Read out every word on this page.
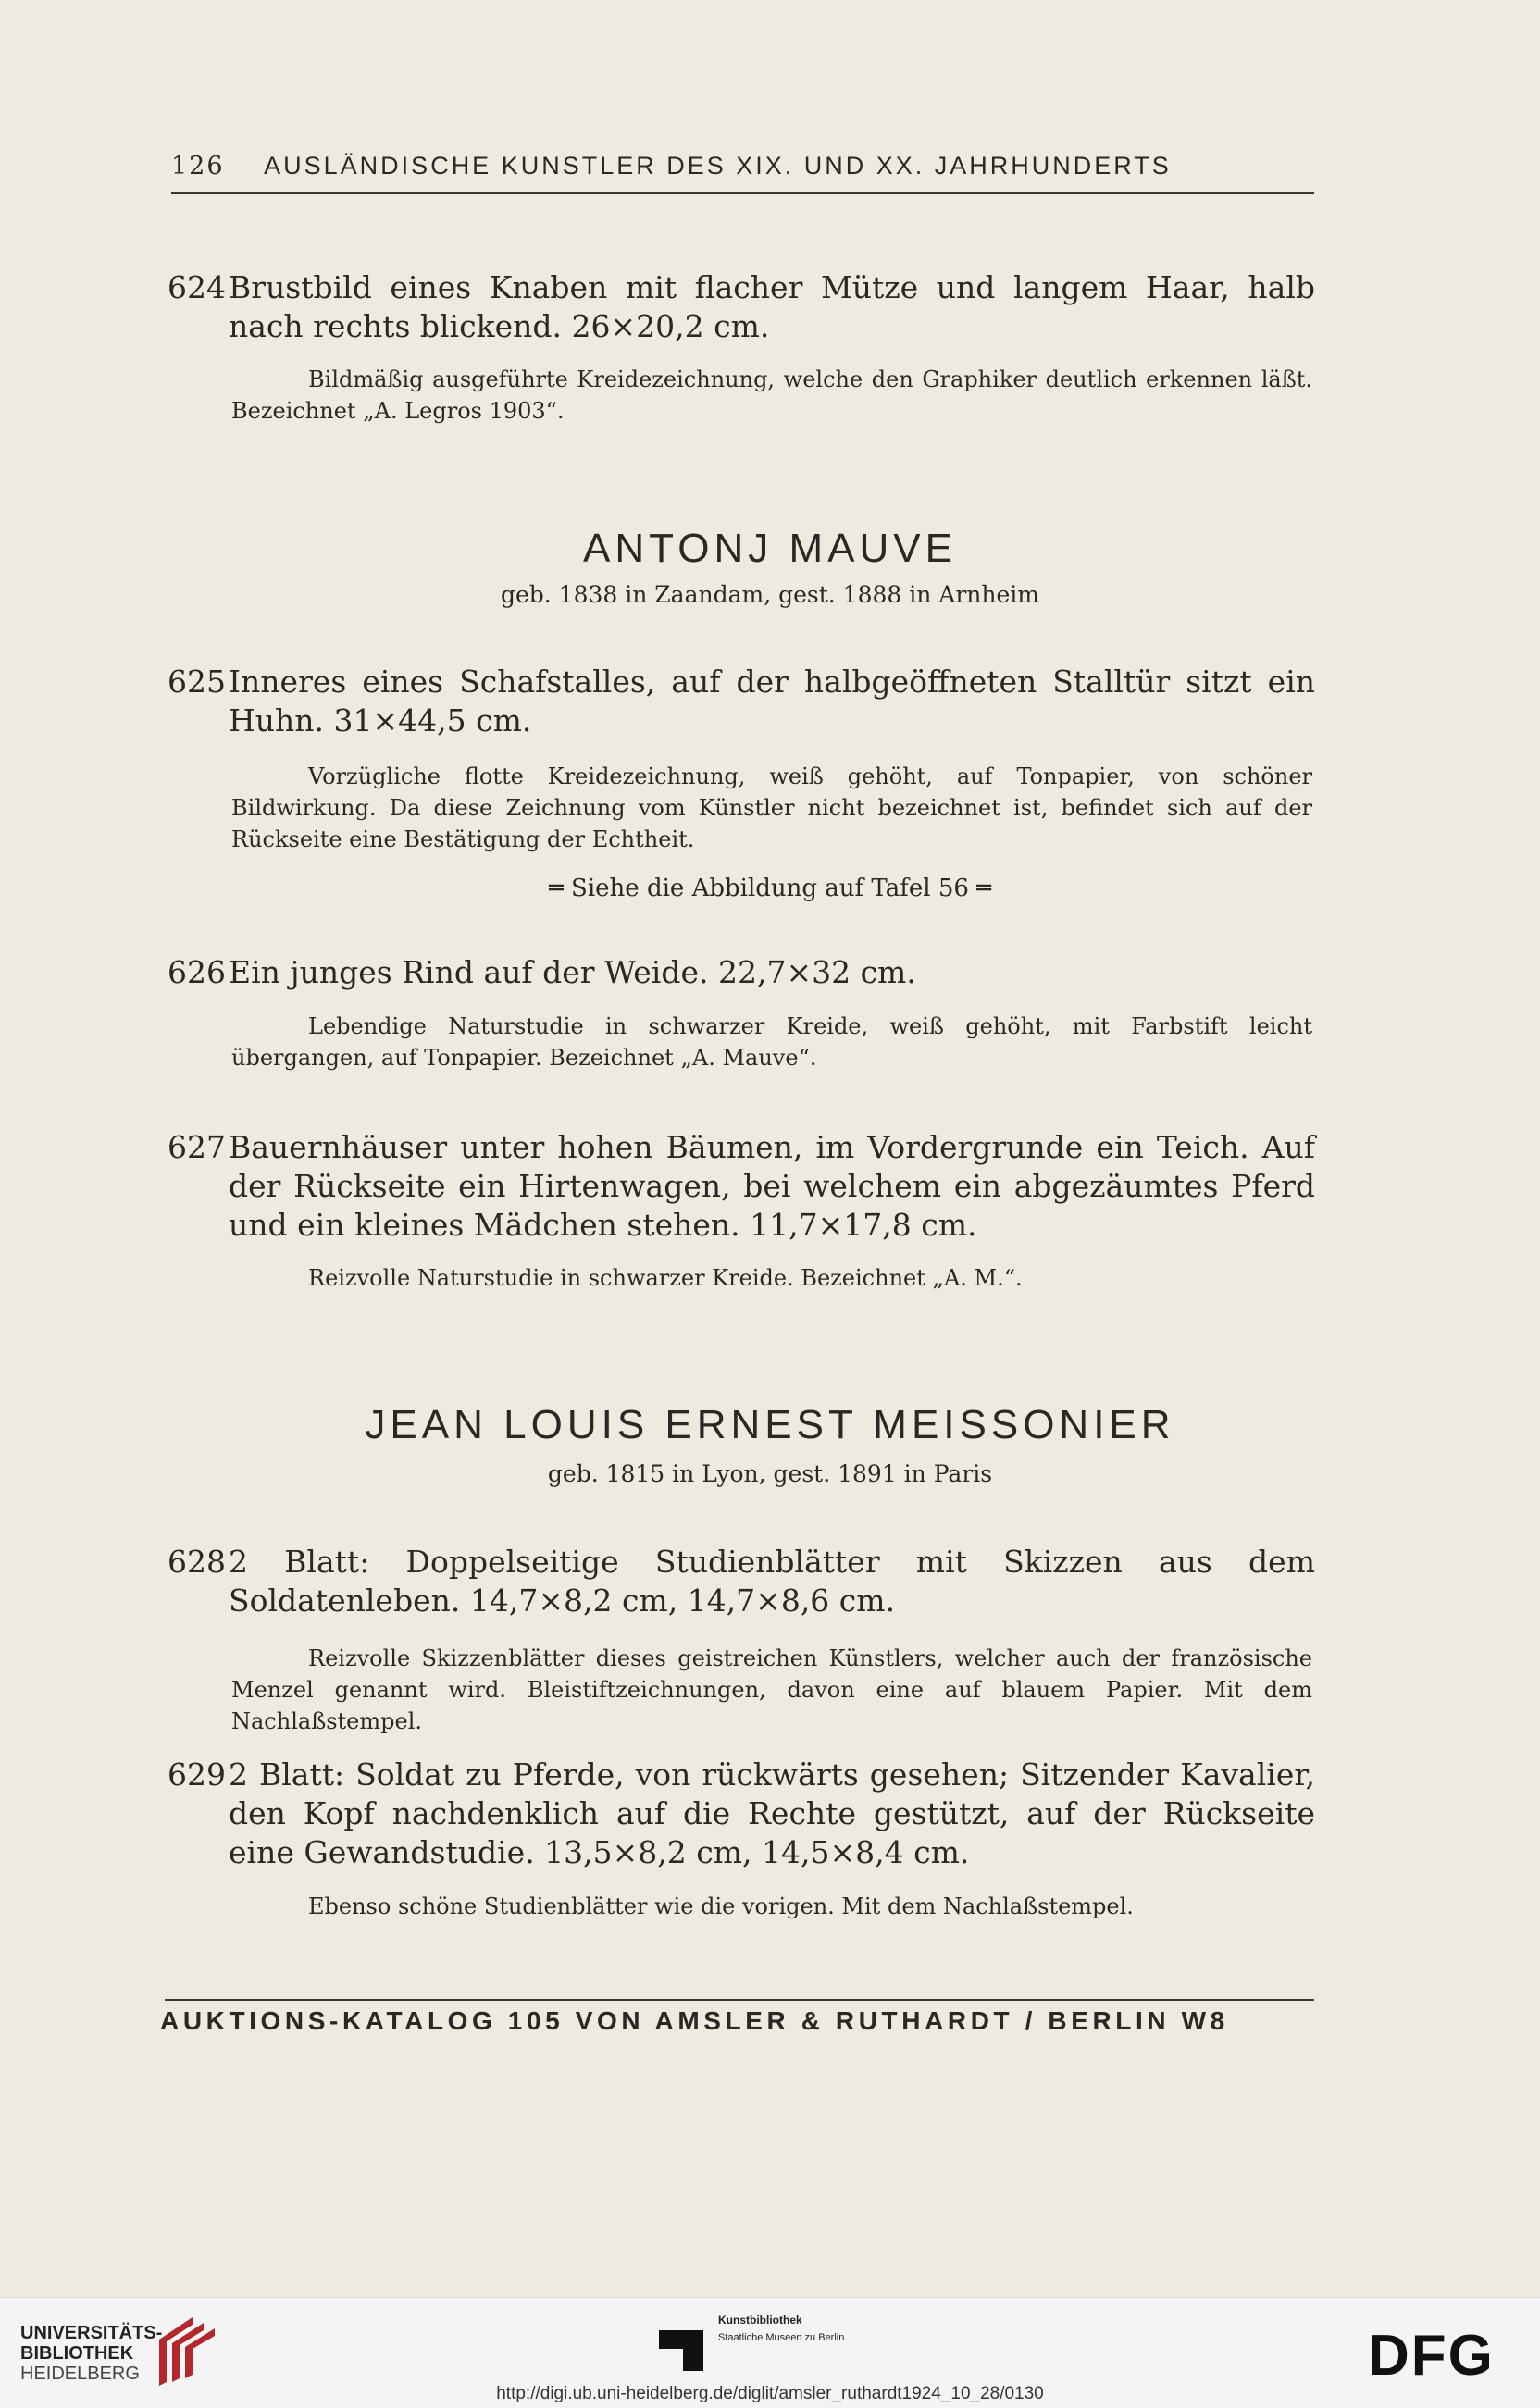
126 AUSLÄNDISCHE KUNSTLER DES XIX. UND XX. JAHRHUNDERTS
624 Brustbild eines Knaben mit flacher Mütze und langem Haar, halb nach rechts blickend. 26×20,2 cm.
Bildmäßig ausgeführte Kreidezeichnung, welche den Graphiker deutlich erkennen läßt. Bezeichnet „A. Legros 1903“.
ANTONJ MAUVE
geb. 1838 in Zaandam, gest. 1888 in Arnheim
625 Inneres eines Schafstalles, auf der halbgeöffneten Stalltür sitzt ein Huhn. 31×44,5 cm.
Vorzügliche flotte Kreidezeichnung, weiß gehöht, auf Tonpapier, von schöner Bildwirkung. Da diese Zeichnung vom Künstler nicht bezeichnet ist, befindet sich auf der Rückseite eine Bestätigung der Echtheit.
═ Siehe die Abbildung auf Tafel 56 ═
626 Ein junges Rind auf der Weide. 22,7×32 cm.
Lebendige Naturstudie in schwarzer Kreide, weiß gehöht, mit Farbstift leicht übergangen, auf Tonpapier. Bezeichnet „A. Mauve“.
627 Bauernhäuser unter hohen Bäumen, im Vordergrunde ein Teich. Auf der Rückseite ein Hirtenwagen, bei welchem ein abgezäumtes Pferd und ein kleines Mädchen stehen. 11,7×17,8 cm.
Reizvolle Naturstudie in schwarzer Kreide. Bezeichnet „A. M.“.
JEAN LOUIS ERNEST MEISSONIER
geb. 1815 in Lyon, gest. 1891 in Paris
628 2 Blatt: Doppelseitige Studienblätter mit Skizzen aus dem Soldatenleben. 14,7×8,2 cm, 14,7×8,6 cm.
Reizvolle Skizzenblätter dieses geistreichen Künstlers, welcher auch der französische Menzel genannt wird. Bleistiftzeichnungen, davon eine auf blauem Papier. Mit dem Nachlaßstempel.
629 2 Blatt: Soldat zu Pferde, von rückwärts gesehen; Sitzender Kavalier, den Kopf nachdenklich auf die Rechte gestützt, auf der Rückseite eine Gewandstudie. 13,5×8,2 cm, 14,5×8,4 cm.
Ebenso schöne Studienblätter wie die vorigen. Mit dem Nachlaßstempel.
AUKTIONS-KATALOG 105 VON AMSLER & RUTHARDT / BERLIN W8
UNIVERSITÄTS-
BIBLIOTHEK
HEIDELBERG
Kunstbibliothek
Staatliche Museen zu Berlin	DFG
http://digi.ub.uni-heidelberg.de/diglit/amsler_ruthardt1924_10_28/0130
